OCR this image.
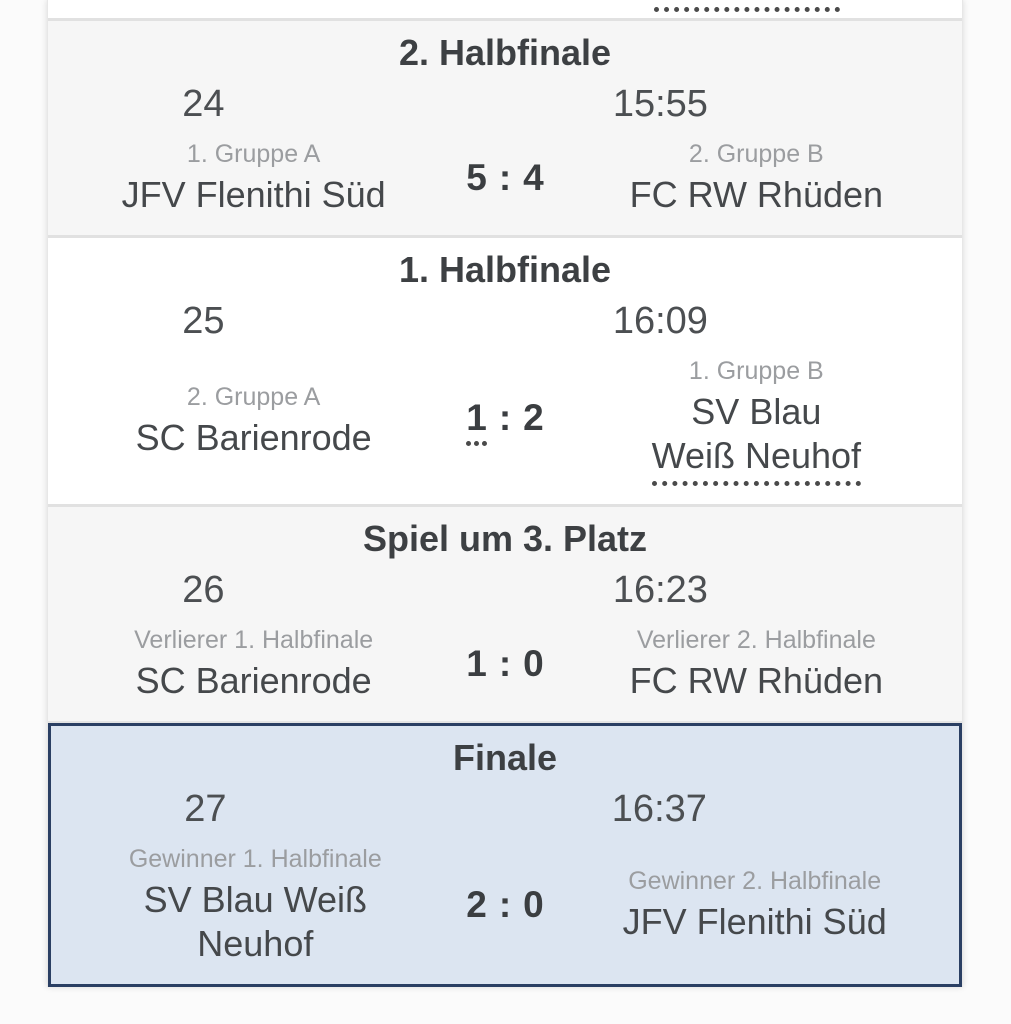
2. Halbfinale
24	15:55
1. Gruppe A
JFV Flenithi Süd	5 : 4
2. Gruppe B
FC RW Rhüden
1. Halbfinale
25	16:09
2. Gruppe A
SC Barienrode	1 : 2
1. Gruppe B
SV Blau
Weiß Neuhof
Spiel um 3. Platz
26	16:23
Verlierer 1. Halbfinale
SC Barienrode	1 : 0
Verlierer 2. Halbfinale
FC RW Rhüden
Finale
27	16:37
Gewinner 1. Halbfinale
SV Blau Weiß
Neuhof
2 : 0
Gewinner 2. Halbfinale
JFV Flenithi Süd
